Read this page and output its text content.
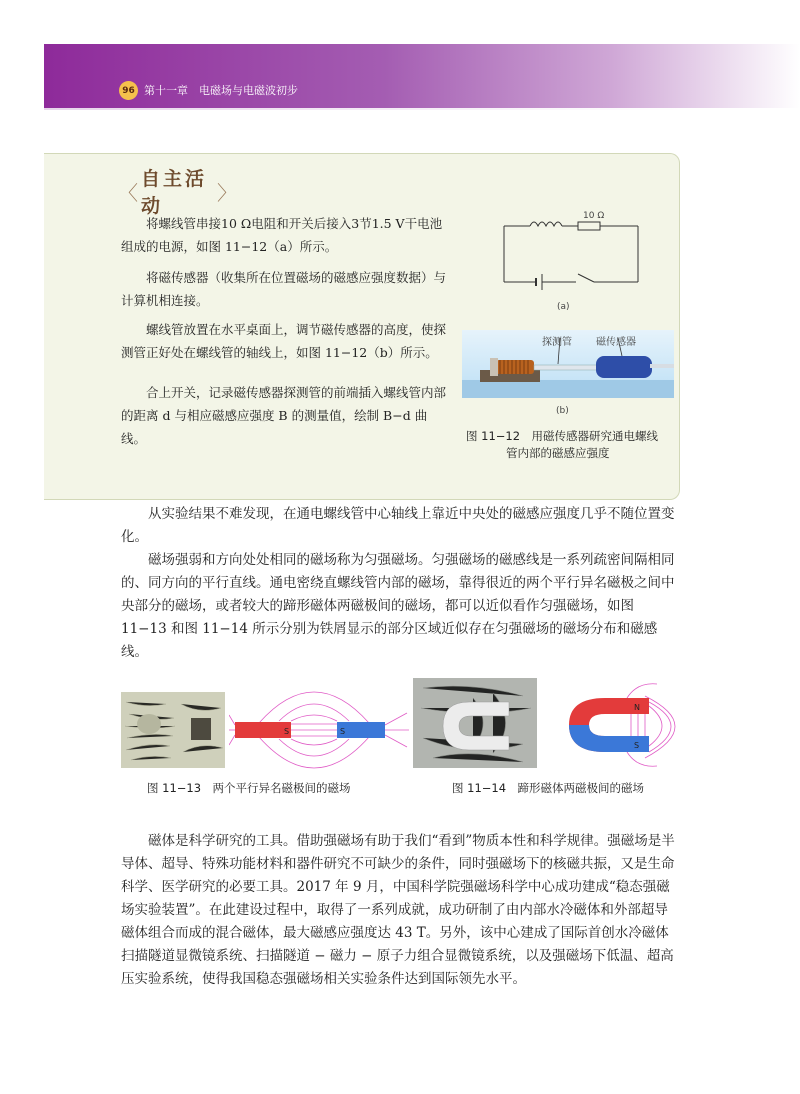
96 第十一章　电磁场与电磁波初步
〈
自主活动
〉

将螺线管串接10 Ω电阻和开关后接入3节1.5 V干电池组成的电源，如图 11−12（a）所示。

将磁传感器（收集所在位置磁场的磁感应强度数据）与计算机相连接。

螺线管放置在水平桌面上，调节磁传感器的高度，使探测管正好处在螺线管的轴线上，如图 11−12（b）所示。

合上开关，记录磁传感器探测管的前端插入螺线管内部的距离 d 与相应磁感应强度 B 的测量值，绘制 B−d 曲线。

10 Ω
(a)
探测管 磁传感器
(b)
图 11−12　用磁传感器研究通电螺线
管内部的磁感应强度

从实验结果不难发现，在通电螺线管中心轴线上靠近中央处的磁感应强度几乎不随位置变化。

磁场强弱和方向处处相同的磁场称为匀强磁场。匀强磁场的磁感线是一系列疏密间隔相同的、同方向的平行直线。通电密绕直螺线管内部的磁场，靠得很近的两个平行异名磁极之间中央部分的磁场，或者较大的蹄形磁体两磁极间的磁场，都可以近似看作匀强磁场，如图 11−13 和图 11−14 所示分别为铁屑显示的部分区域近似存在匀强磁场的磁场分布和磁感线。

S	S
图 11−13　两个平行异名磁极间的磁场
N
S
图 11−14　蹄形磁体两磁极间的磁场

磁体是科学研究的工具。借助强磁场有助于我们“看到”物质本性和科学规律。强磁场是半导体、超导、特殊功能材料和器件研究不可缺少的条件，同时强磁场下的核磁共振，又是生命科学、医学研究的必要工具。2017 年 9 月，中国科学院强磁场科学中心成功建成“稳态强磁场实验装置”。在此建设过程中，取得了一系列成就，成功研制了由内部水冷磁体和外部超导磁体组合而成的混合磁体，最大磁感应强度达 43 T。另外，该中心建成了国际首创水冷磁体扫描隧道显微镜系统、扫描隧道 − 磁力 − 原子力组合显微镜系统，以及强磁场下低温、超高压实验系统，使得我国稳态强磁场相关实验条件达到国际领先水平。
